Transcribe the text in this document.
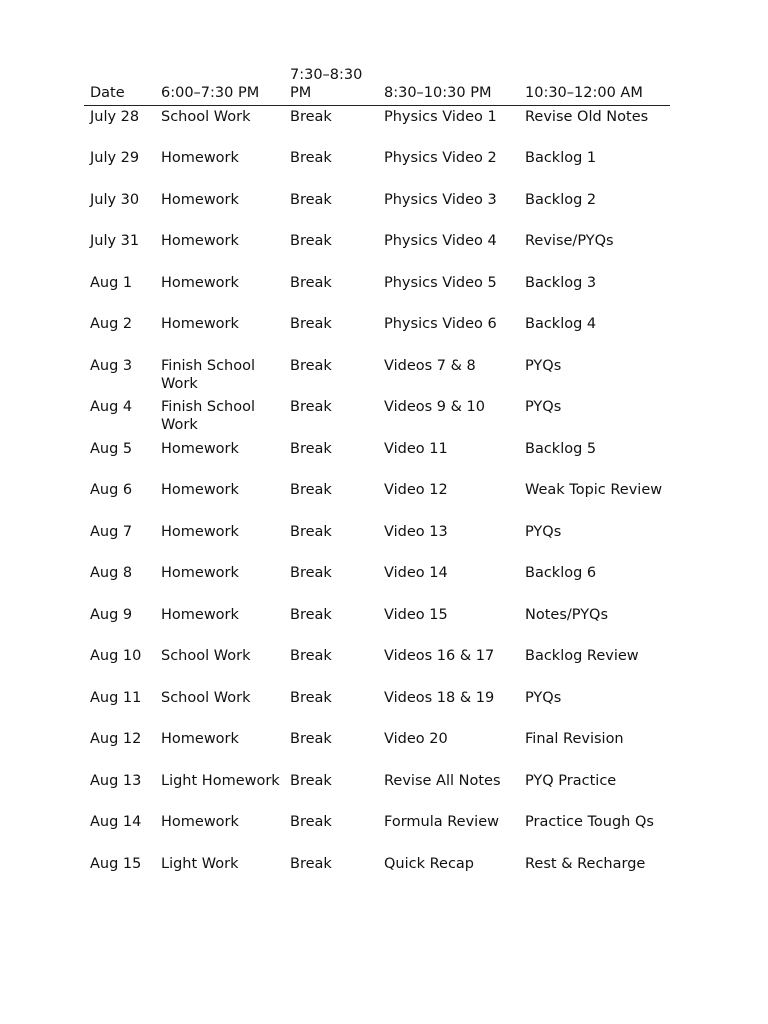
Date	6:00–7:30 PM	7:30–8:30 PM	8:30–10:30 PM	10:30–12:00 AM
July 28	School Work	Break	Physics Video 1	Revise Old Notes
July 29	Homework	Break	Physics Video 2	Backlog 1
July 30	Homework	Break	Physics Video 3	Backlog 2
July 31	Homework	Break	Physics Video 4	Revise/PYQs
Aug 1	Homework	Break	Physics Video 5	Backlog 3
Aug 2	Homework	Break	Physics Video 6	Backlog 4
Aug 3	Finish School Work	Break	Videos 7 & 8	PYQs
Aug 4	Finish School Work	Break	Videos 9 & 10	PYQs
Aug 5	Homework	Break	Video 11	Backlog 5
Aug 6	Homework	Break	Video 12	Weak Topic Review
Aug 7	Homework	Break	Video 13	PYQs
Aug 8	Homework	Break	Video 14	Backlog 6
Aug 9	Homework	Break	Video 15	Notes/PYQs
Aug 10	School Work	Break	Videos 16 & 17	Backlog Review
Aug 11	School Work	Break	Videos 18 & 19	PYQs
Aug 12	Homework	Break	Video 20	Final Revision
Aug 13	Light Homework	Break	Revise All Notes	PYQ Practice
Aug 14	Homework	Break	Formula Review	Practice Tough Qs
Aug 15	Light Work	Break	Quick Recap	Rest & Recharge
